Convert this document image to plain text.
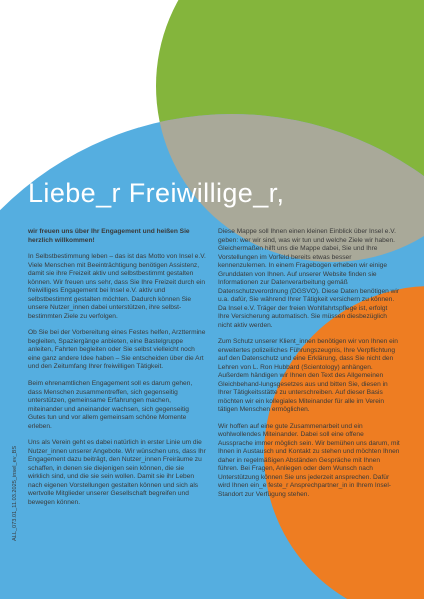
Liebe_r Freiwillige_r,

wir freuen uns über Ihr Engagement und heißen Sie herzlich willkommen!

In Selbstbestimmung leben – das ist das Motto von Insel e.V. Viele Menschen mit Beeinträchtigung benötigen Assistenz, damit sie ihre Freizeit aktiv und selbstbestimmt gestalten können. Wir freuen uns sehr, dass Sie Ihre Freizeit durch ein freiwilliges Engagement bei Insel e.V. aktiv und selbstbestimmt gestalten möchten. Dadurch können Sie unsere Nutzer_innen dabei unterstützen, ihre selbst-bestimmten Ziele zu verfolgen.

Ob Sie bei der Vorbereitung eines Festes helfen, Arzttermine begleiten, Spaziergänge anbieten, eine Bastelgruppe anleiten, Fahrten begleiten oder Sie selbst vielleicht noch eine ganz andere Idee haben – Sie entscheiden über die Art und den Zeitumfang Ihrer freiwilligen Tätigkeit.

Beim ehrenamtlichen Engagement soll es darum gehen, dass Menschen zusammentreffen, sich gegenseitig unterstützen, gemeinsame Erfahrungen machen, miteinander und aneinander wachsen, sich gegenseitig Gutes tun und vor allem gemeinsam schöne Momente erleben.

Uns als Verein geht es dabei natürlich in erster Linie um die Nutzer_innen unserer Angebote. Wir wünschen uns, dass Ihr Engagement dazu beiträgt, den Nutzer_innen Freiräume zu schaffen, in denen sie diejenigen sein können, die sie wirklich sind, und die sie sein wollen. Damit sie ihr Leben nach eigenen Vorstellungen gestalten können und sich als wertvolle Mitglieder unserer Gesellschaft begreifen und bewegen können.

Diese Mappe soll Ihnen einen kleinen Einblick über Insel e.V. geben: wer wir sind, was wir tun und welche Ziele wir haben. Gleichermaßen hilft uns die Mappe dabei, Sie und Ihre Vorstellungen im Vorfeld bereits etwas besser kennenzulernen. In einem Fragebogen erheben wir einige Grunddaten von Ihnen. Auf unserer Website finden sie Informationen zur Datenverarbeitung gemäß Datenschutzverordnung (DGSVO). Diese Daten benötigen wir u.a. dafür, Sie während Ihrer Tätigkeit versichern zu können. Da Insel e.V. Träger der freien Wohlfahrtspflege ist, erfolgt Ihre Versicherung automatisch. Sie müssen diesbezüglich nicht aktiv werden.

Zum Schutz unserer Klient_innen benötigen wir von Ihnen ein erweitertes polizeiliches Führungszeugnis, Ihre Verpflichtung auf den Datenschutz und eine Erklärung, dass Sie nicht den Lehren von L. Ron Hubbard (Scientology) anhängen. Außerdem händigen wir Ihnen den Text des Allgemeinen Gleichbehand-lungsgesetzes aus und bitten Sie, diesen in Ihrer Tätigkeitsstätte zu unterschreiben. Auf dieser Basis möchten wir ein kollegiales Miteinander für alle im Verein tätigen Menschen ermöglichen.

Wir hoffen auf eine gute Zusammenarbeit und ein wohlwollendes Miteinander. Dabei soll eine offene Aussprache immer möglich sein. Wir bemühen uns darum, mit Ihnen in Austausch und Kontakt zu stehen und möchten Ihnen daher in regelmäßigen Abständen Gespräche mit Ihnen führen. Bei Fragen, Anliegen oder dem Wunsch nach Unterstützung können Sie uns jederzeit ansprechen. Dafür wird Ihnen ein_e feste_r Ansprechpartner_in in Ihrem Insel-Standort zur Verfügung stehen.

ALL_073.01_11.03.2025_insel_ev_BS
